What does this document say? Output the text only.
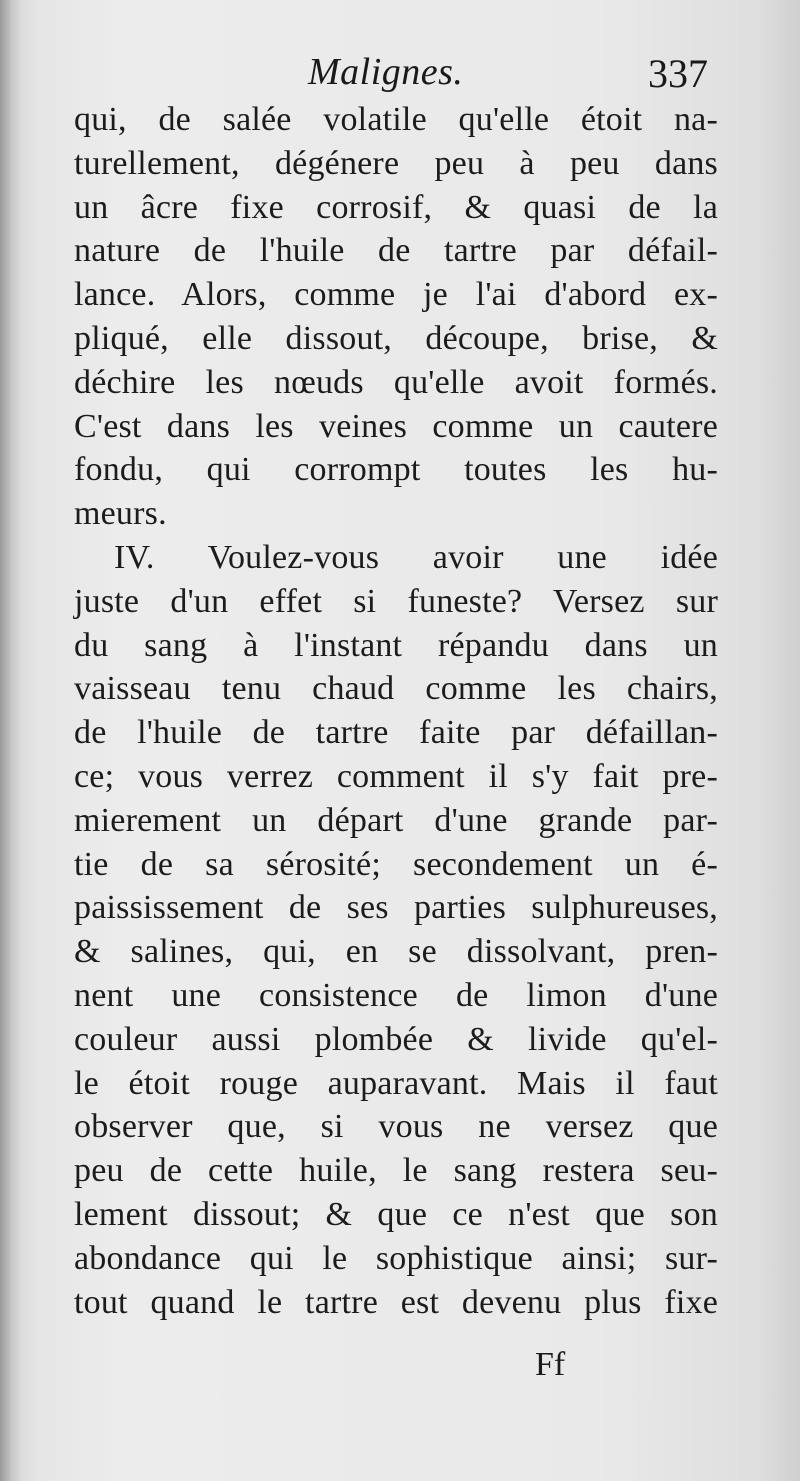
Malignes.	337
qui, de salée volatile qu'elle étoit na-
turellement, dégénere peu à peu dans
un âcre fixe corrosif, & quasi de la
nature de l'huile de tartre par défail-
lance. Alors, comme je l'ai d'abord ex-
pliqué, elle dissout, découpe, brise, &
déchire les nœuds qu'elle avoit formés.
C'est dans les veines comme un cautere
fondu, qui corrompt toutes les hu-
meurs.
IV. Voulez-vous avoir une idée
juste d'un effet si funeste? Versez sur
du sang à l'instant répandu dans un
vaisseau tenu chaud comme les chairs,
de l'huile de tartre faite par défaillan-
ce; vous verrez comment il s'y fait pre-
mierement un départ d'une grande par-
tie de sa sérosité; secondement un é-
paississement de ses parties sulphureuses,
& salines, qui, en se dissolvant, pren-
nent une consistence de limon d'une
couleur aussi plombée & livide qu'el-
le étoit rouge auparavant. Mais il faut
observer que, si vous ne versez que
peu de cette huile, le sang restera seu-
lement dissout; & que ce n'est que son
abondance qui le sophistique ainsi; sur-
tout quand le tartre est devenu plus fixe
Ff
